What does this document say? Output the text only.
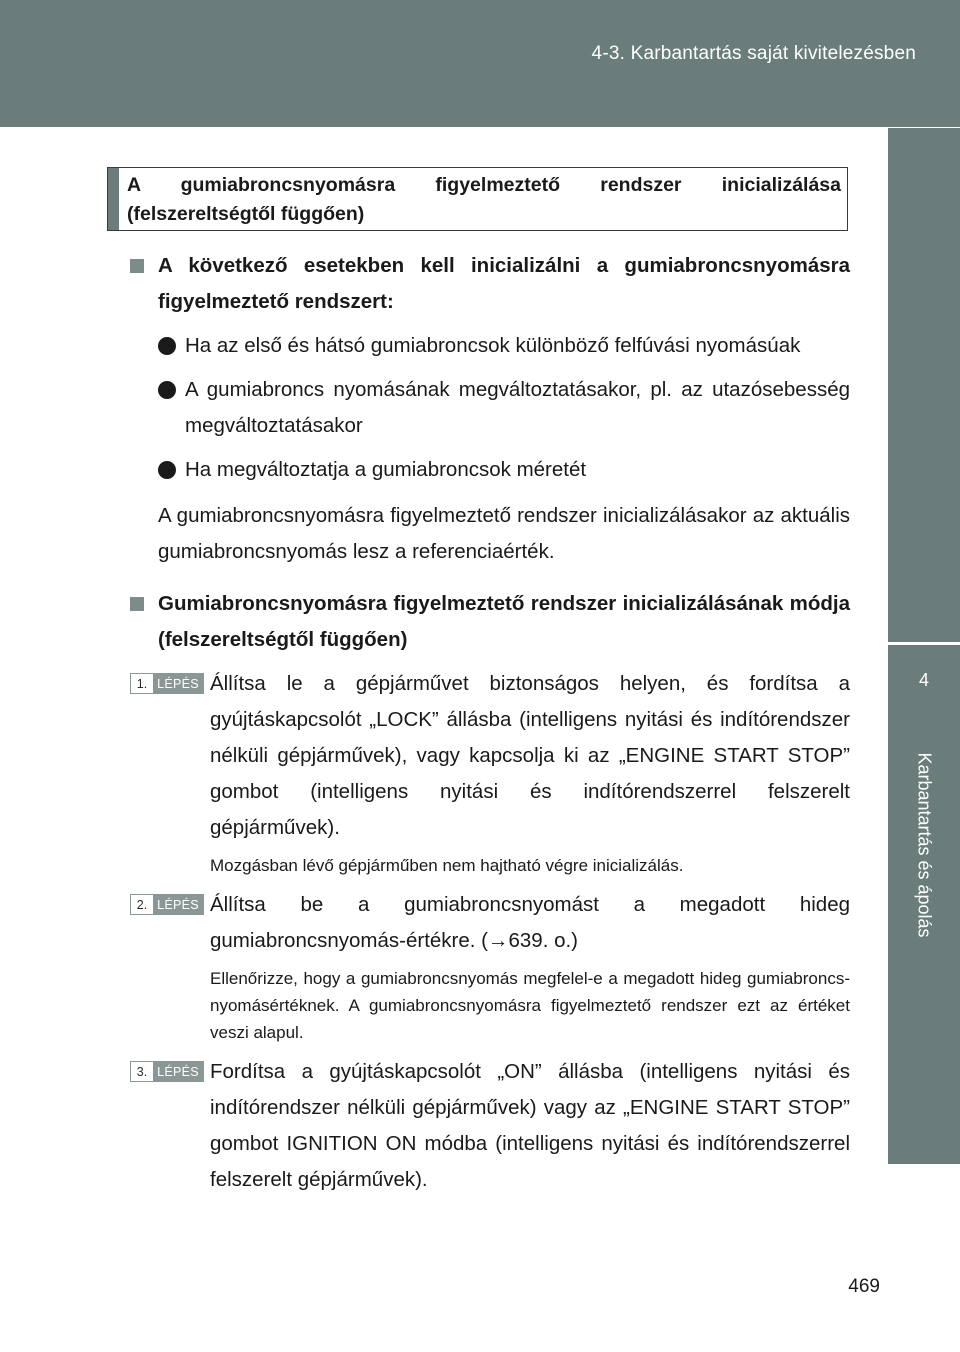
4-3. Karbantartás saját kivitelezésben
4
Karbantartás és ápolás
A gumiabroncsnyomásra figyelmeztető rendszer inicializálása (felszereltségtől függően)
A következő esetekben kell inicializálni a gumiabroncsnyomásra figyelmeztető rendszert:
Ha az első és hátsó gumiabroncsok különböző felfúvási nyomásúak
A gumiabroncs nyomásának megváltoztatásakor, pl. az utazósebesség megváltoztatásakor
Ha megváltoztatja a gumiabroncsok méretét
A gumiabroncsnyomásra figyelmeztető rendszer inicializálásakor az aktuális gumiabroncsnyomás lesz a referenciaérték.
Gumiabroncsnyomásra figyelmeztető rendszer inicializálásának módja (felszereltségtől függően)
1. LÉPÉS Állítsa le a gépjárművet biztonságos helyen, és fordítsa a gyújtáskapcsolót „LOCK” állásba (intelligens nyitási és indítórendszer nélküli gépjárművek), vagy kapcsolja ki az „ENGINE START STOP” gombot (intelligens nyitási és indítórendszerrel felszerelt gépjárművek).
Mozgásban lévő gépjárműben nem hajtható végre inicializálás.
2. LÉPÉS Állítsa be a gumiabroncsnyomást a megadott hideg gumiabroncsnyomás-értékre. (→639. o.)
Ellenőrizze, hogy a gumiabroncsnyomás megfelel-e a megadott hideg gumiabroncs-nyomásértéknek. A gumiabroncsnyomásra figyelmeztető rendszer ezt az értéket veszi alapul.
3. LÉPÉS Fordítsa a gyújtáskapcsolót „ON” állásba (intelligens nyitási és indítórendszer nélküli gépjárművek) vagy az „ENGINE START STOP” gombot IGNITION ON módba (intelligens nyitási és indítórendszerrel felszerelt gépjárművek).
469
